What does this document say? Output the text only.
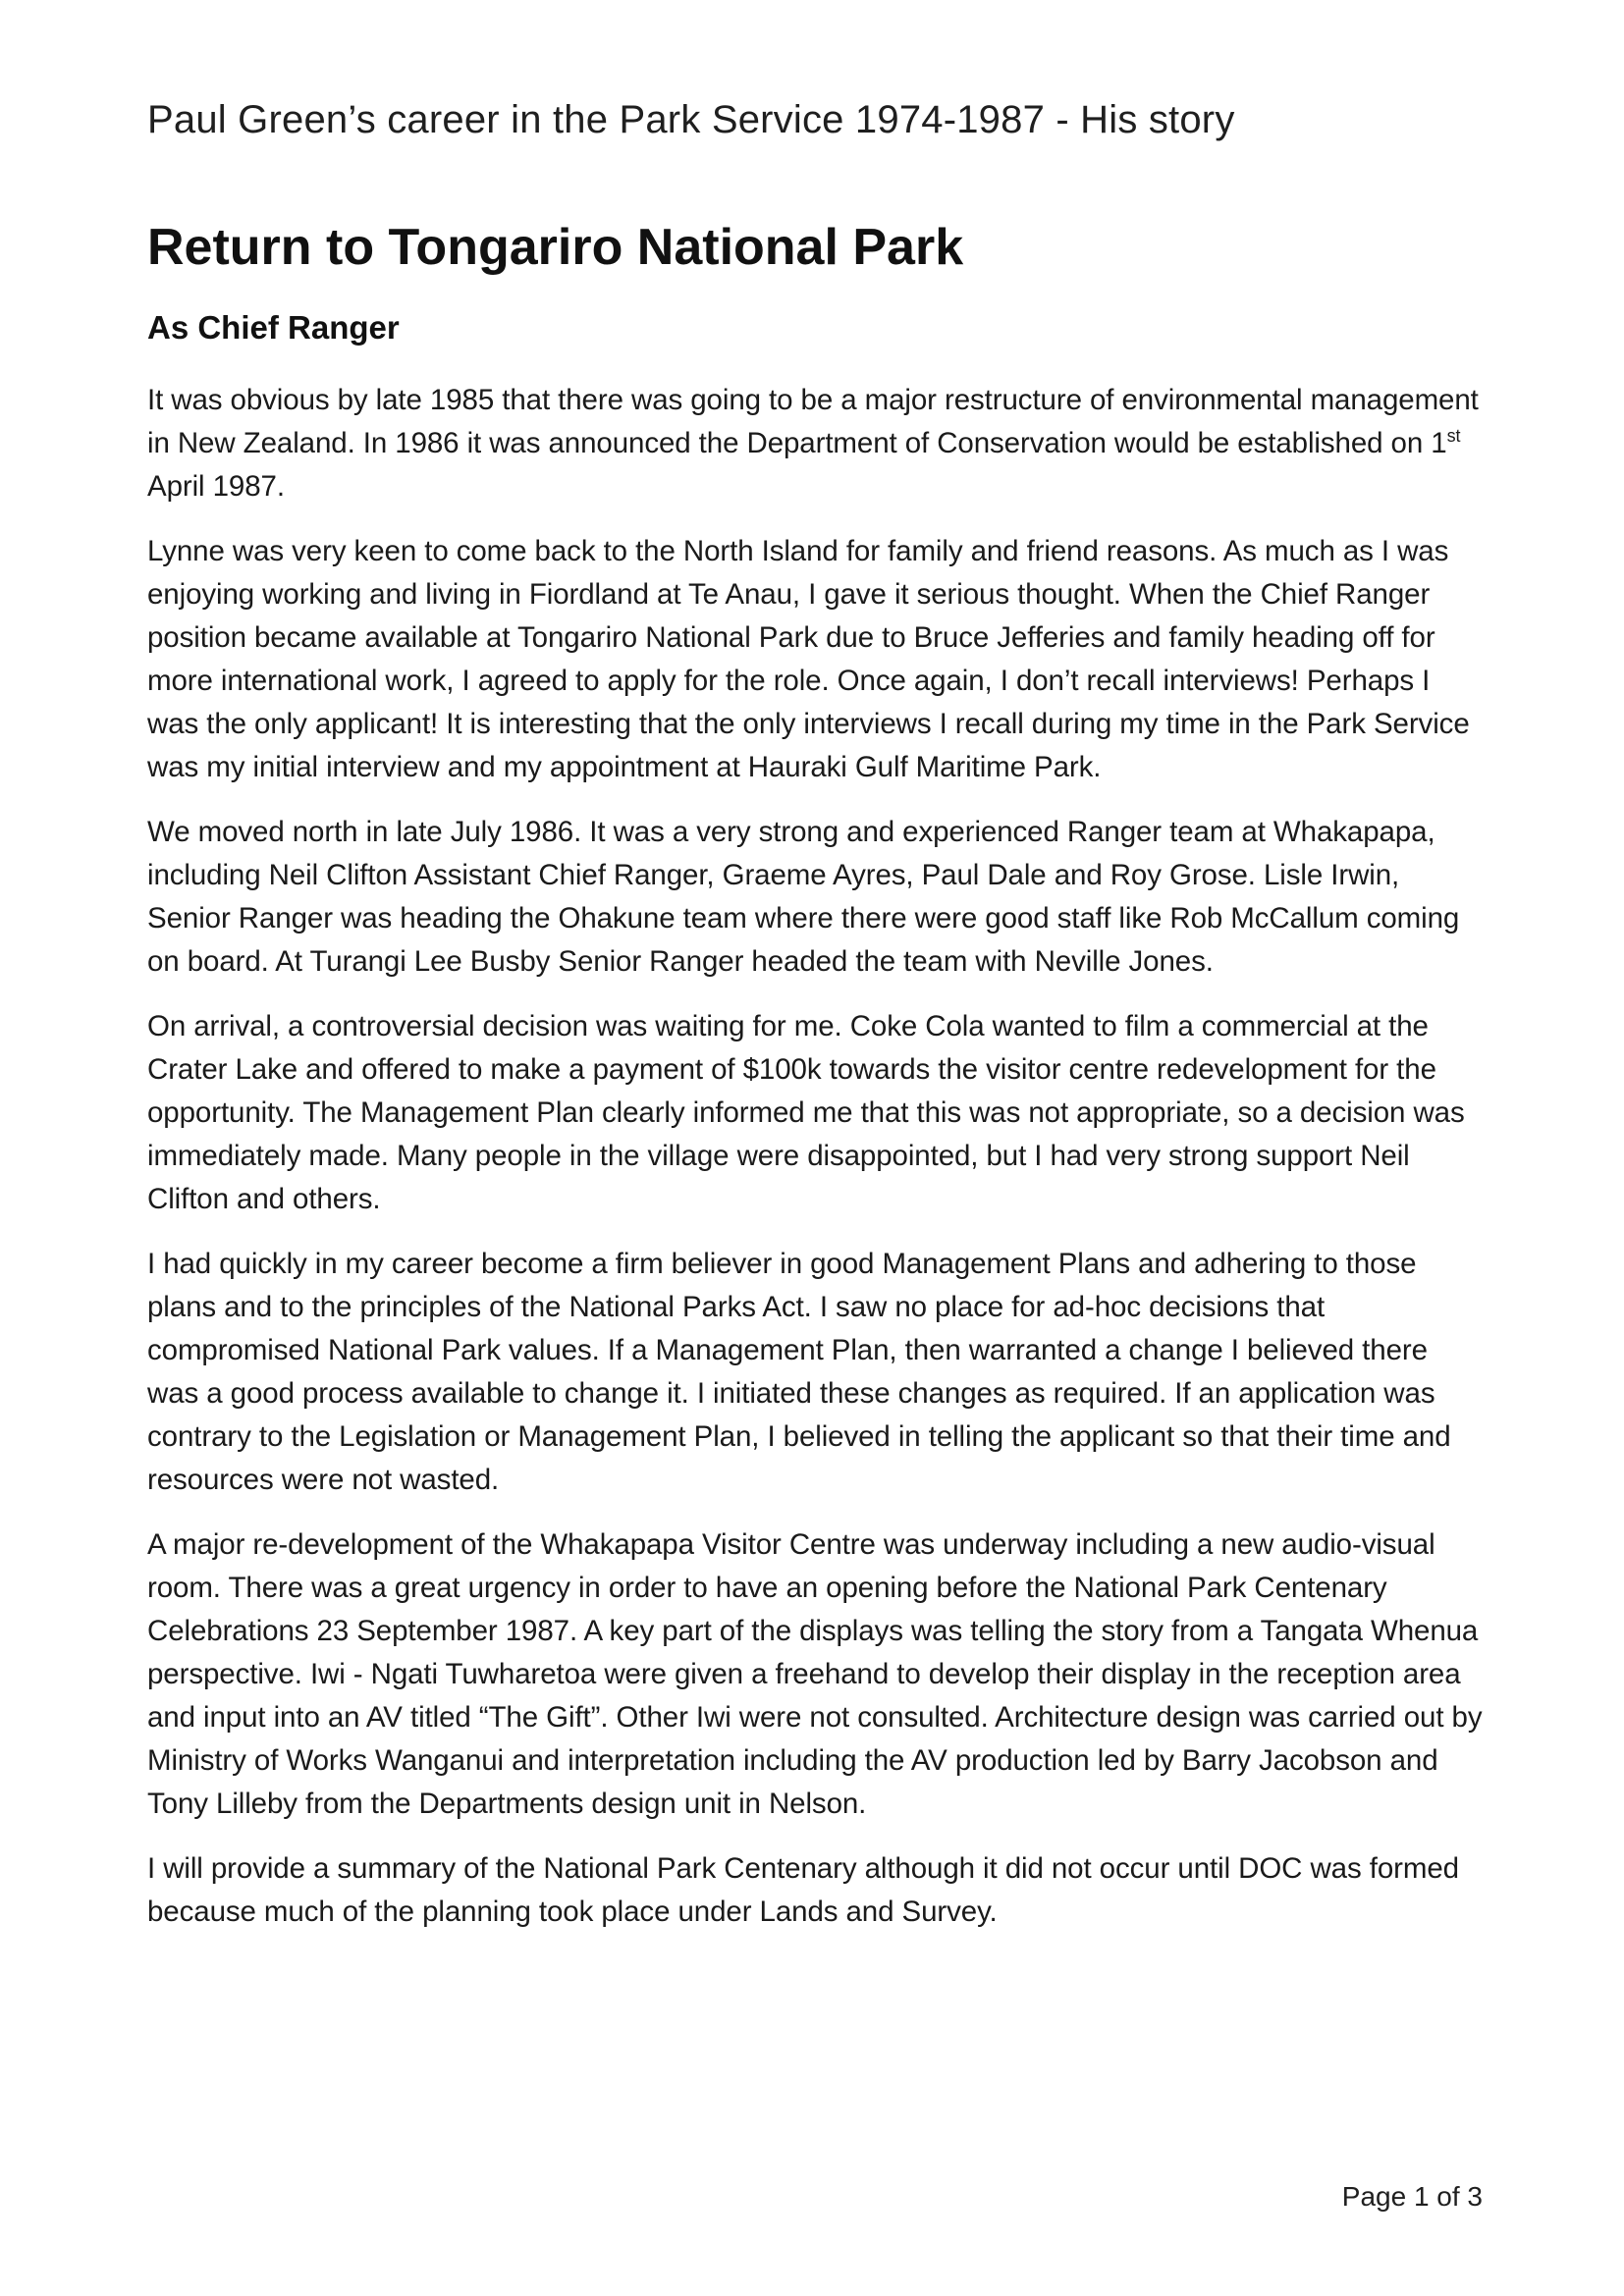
Paul Green’s career in the Park Service 1974-1987 - His story
Return to Tongariro National Park
As Chief Ranger

It was obvious by late 1985 that there was going to be a major restructure of environmental management in New Zealand. In 1986 it was announced the Department of Conservation would be established on 1st April 1987.

Lynne was very keen to come back to the North Island for family and friend reasons. As much as I was enjoying working and living in Fiordland at Te Anau, I gave it serious thought. When the Chief Ranger position became available at Tongariro National Park due to Bruce Jefferies and family heading off for more international work, I agreed to apply for the role. Once again, I don’t recall interviews! Perhaps I was the only applicant! It is interesting that the only interviews I recall during my time in the Park Service was my initial interview and my appointment at Hauraki Gulf Maritime Park.

We moved north in late July 1986. It was a very strong and experienced Ranger team at Whakapapa, including Neil Clifton Assistant Chief Ranger, Graeme Ayres, Paul Dale and Roy Grose. Lisle Irwin, Senior Ranger was heading the Ohakune team where there were good staff like Rob McCallum coming on board. At Turangi Lee Busby Senior Ranger headed the team with Neville Jones.

On arrival, a controversial decision was waiting for me. Coke Cola wanted to film a commercial at the Crater Lake and offered to make a payment of $100k towards the visitor centre redevelopment for the opportunity. The Management Plan clearly informed me that this was not appropriate, so a decision was immediately made. Many people in the village were disappointed, but I had very strong support Neil Clifton and others.

I had quickly in my career become a firm believer in good Management Plans and adhering to those plans and to the principles of the National Parks Act. I saw no place for ad-hoc decisions that compromised National Park values. If a Management Plan, then warranted a change I believed there was a good process available to change it. I initiated these changes as required. If an application was contrary to the Legislation or Management Plan, I believed in telling the applicant so that their time and resources were not wasted.

A major re-development of the Whakapapa Visitor Centre was underway including a new audio-visual room. There was a great urgency in order to have an opening before the National Park Centenary Celebrations 23 September 1987. A key part of the displays was telling the story from a Tangata Whenua perspective. Iwi - Ngati Tuwharetoa were given a freehand to develop their display in the reception area and input into an AV titled “The Gift”. Other Iwi were not consulted. Architecture design was carried out by Ministry of Works Wanganui and interpretation including the AV production led by Barry Jacobson and Tony Lilleby from the Departments design unit in Nelson.

I will provide a summary of the National Park Centenary although it did not occur until DOC was formed because much of the planning took place under Lands and Survey.

Page 1 of 3
